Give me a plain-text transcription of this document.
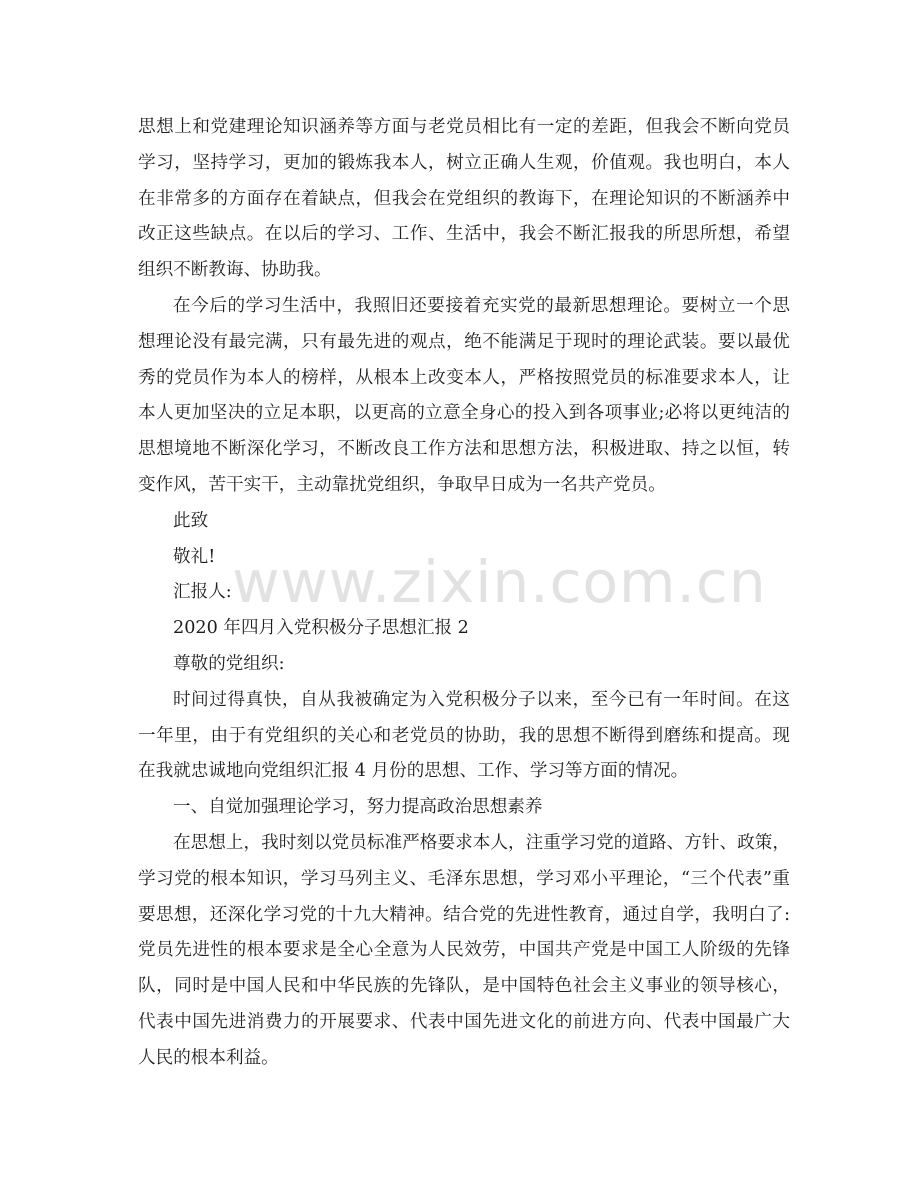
思想上和党建理论知识涵养等方面与老党员相比有一定的差距，但我会不断向党员

学习，坚持学习，更加的锻炼我本人，树立正确人生观，价值观。我也明白，本人

在非常多的方面存在着缺点，但我会在党组织的教诲下，在理论知识的不断涵养中

改正这些缺点。在以后的学习、工作、生活中，我会不断汇报我的所思所想，希望

组织不断教诲、协助我。

在今后的学习生活中，我照旧还要接着充实党的最新思想理论。要树立一个思

想理论没有最完满，只有最先进的观点，绝不能满足于现时的理论武装。要以最优

秀的党员作为本人的榜样，从根本上改变本人，严格按照党员的标准要求本人，让

本人更加坚决的立足本职，以更高的立意全身心的投入到各项事业;必将以更纯洁的

思想境地不断深化学习，不断改良工作方法和思想方法，积极进取、持之以恒，转

变作风，苦干实干，主动靠扰党组织，争取早日成为一名共产党员。

此致

敬礼!

汇报人:

2020 年四月入党积极分子思想汇报 2

尊敬的党组织:

时间过得真快，自从我被确定为入党积极分子以来，至今已有一年时间。在这

一年里，由于有党组织的关心和老党员的协助，我的思想不断得到磨练和提高。现

在我就忠诚地向党组织汇报 4 月份的思想、工作、学习等方面的情况。

一、自觉加强理论学习，努力提高政治思想素养

在思想上，我时刻以党员标准严格要求本人，注重学习党的道路、方针、政策，

学习党的根本知识，学习马列主义、毛泽东思想，学习邓小平理论，“三个代表”重

要思想，还深化学习党的十九大精神。结合党的先进性教育，通过自学，我明白了:

党员先进性的根本要求是全心全意为人民效劳，中国共产党是中国工人阶级的先锋

队，同时是中国人民和中华民族的先锋队，是中国特色社会主义事业的领导核心，

代表中国先进消费力的开展要求、代表中国先进文化的前进方向、代表中国最广大

人民的根本利益。

www.zixin.com.cn
